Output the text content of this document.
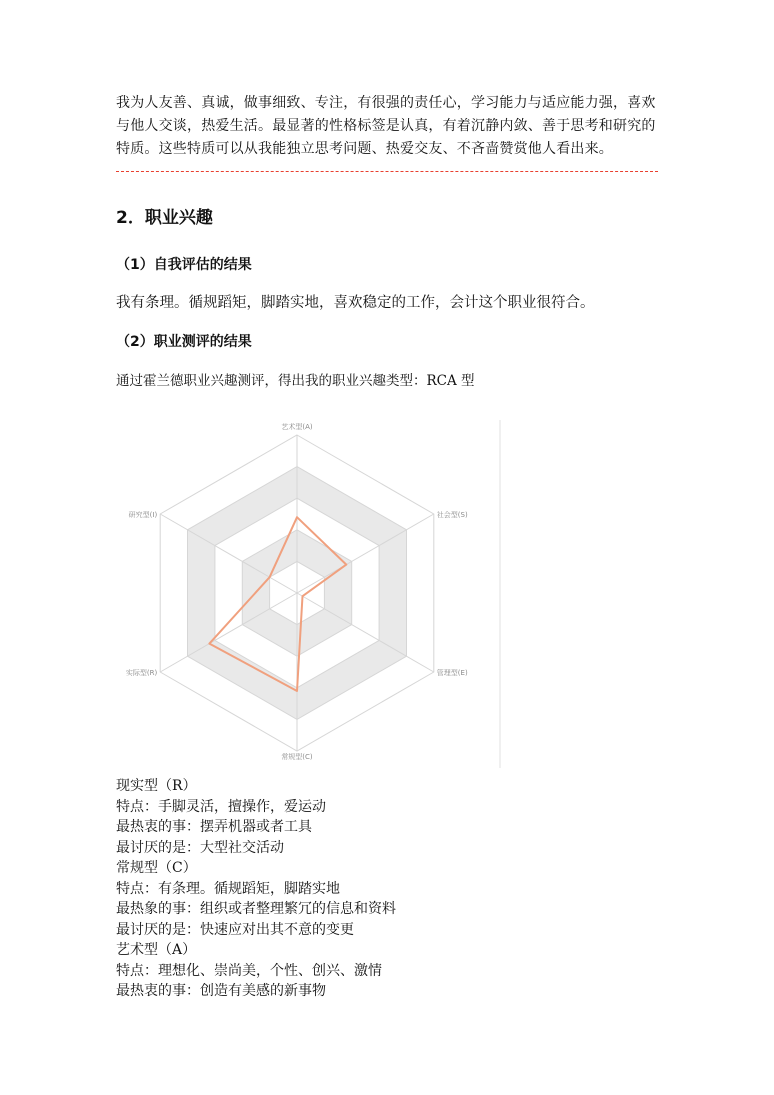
我为人友善、真诚，做事细致、专注，有很强的责任心，学习能力与适应能力强，喜欢与他人交谈，热爱生活。最显著的性格标签是认真，有着沉静内敛、善于思考和研究的特质。这些特质可以从我能独立思考问题、热爱交友、不吝啬赞赏他人看出来。

2．职业兴趣
（1）自我评估的结果

我有条理。循规蹈矩，脚踏实地，喜欢稳定的工作，会计这个职业很符合。

（2）职业测评的结果

通过霍兰德职业兴趣测评，得出我的职业兴趣类型：RCA 型

艺术型(A)
社会型(S)
管理型(E)
常规型(C)
实际型(R)
研究型(I)
现实型（R）
特点：手脚灵活，擅操作，爱运动
最热衷的事：摆弄机器或者工具
最讨厌的是：大型社交活动
常规型（C）
特点：有条理。循规蹈矩，脚踏实地
最热象的事：组织或者整理繁冗的信息和资料
最讨厌的是：快速应对出其不意的变更
艺术型（A）
特点：理想化、崇尚美，个性、创兴、激情
最热衷的事：创造有美感的新事物
